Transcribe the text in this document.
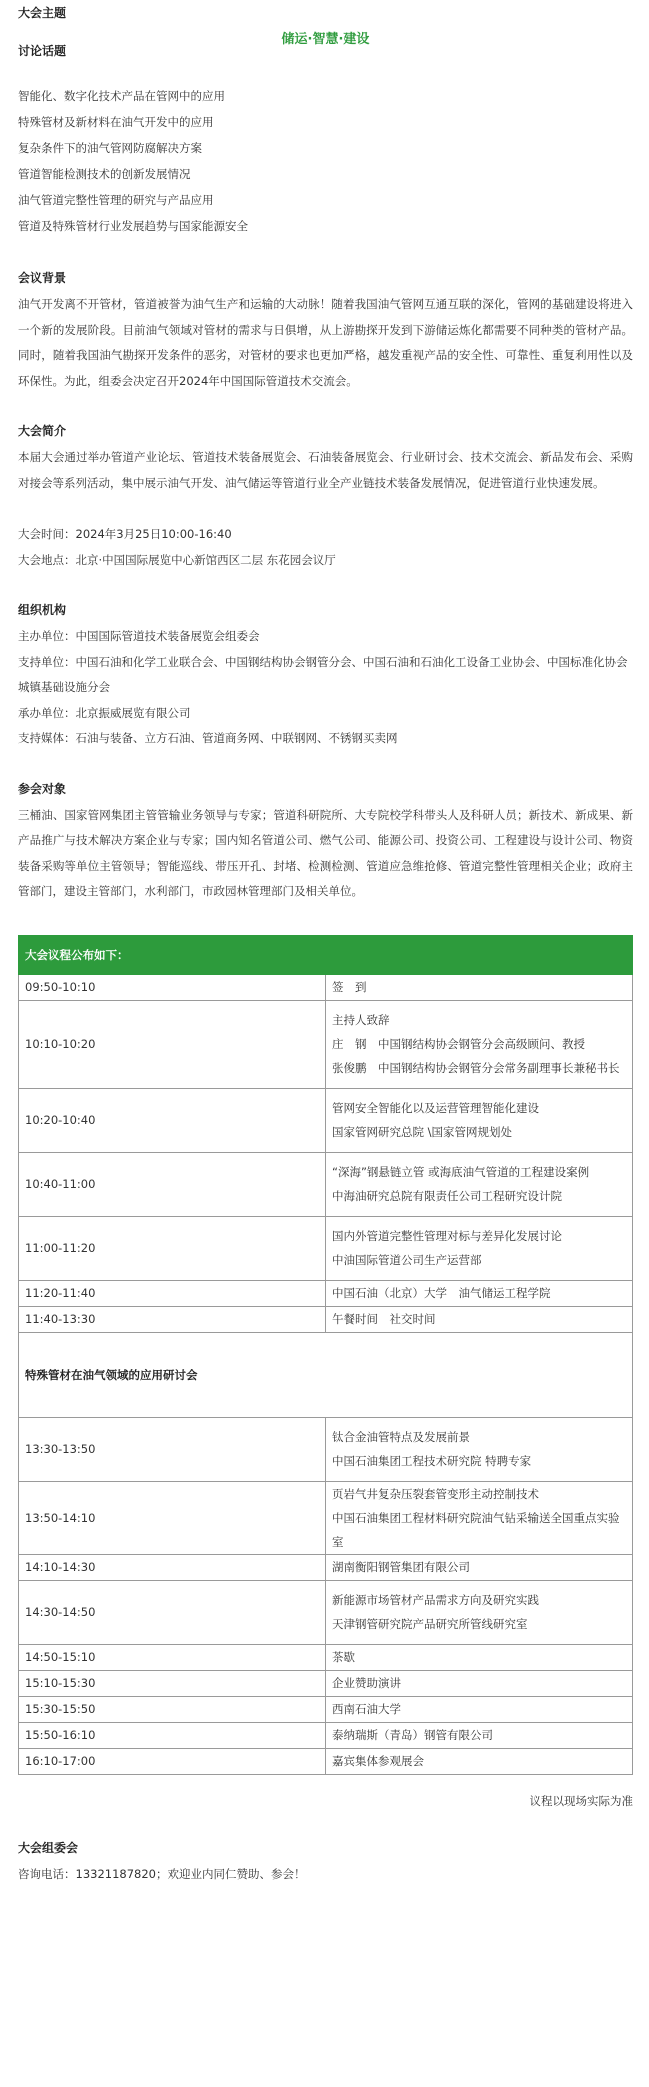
大会主题
储运·智慧·建设

讨论话题

智能化、数字化技术产品在管网中的应用
特殊管材及新材料在油气开发中的应用
复杂条件下的油气管网防腐解决方案
管道智能检测技术的创新发展情况
油气管道完整性管理的研究与产品应用
管道及特殊管材行业发展趋势与国家能源安全

会议背景

油气开发离不开管材，管道被誉为油气生产和运输的大动脉！随着我国油气管网互通互联的深化，管网的基础建设将进入一个新的发展阶段。目前油气领域对管材的需求与日俱增，从上游勘探开发到下游储运炼化都需要不同种类的管材产品。同时，随着我国油气勘探开发条件的恶劣，对管材的要求也更加严格，越发重视产品的安全性、可靠性、重复利用性以及环保性。为此，组委会决定召开2024年中国国际管道技术交流会。

大会简介

本届大会通过举办管道产业论坛、管道技术装备展览会、石油装备展览会、行业研讨会、技术交流会、新品发布会、采购对接会等系列活动，集中展示油气开发、油气储运等管道行业全产业链技术装备发展情况，促进管道行业快速发展。

大会时间：2024年3月25日10:00-16:40

大会地点：北京·中国国际展览中心新馆西区二层 东花园会议厅

组织机构

主办单位：中国国际管道技术装备展览会组委会

支持单位：中国石油和化学工业联合会、中国钢结构协会钢管分会、中国石油和石油化工设备工业协会、中国标准化协会城镇基础设施分会

承办单位：北京振威展览有限公司

支持媒体：石油与装备、立方石油、管道商务网、中联钢网、不锈钢买卖网

参会对象

三桶油、国家管网集团主管管输业务领导与专家；管道科研院所、大专院校学科带头人及科研人员；新技术、新成果、新产品推广与技术解决方案企业与专家；国内知名管道公司、燃气公司、能源公司、投资公司、工程建设与设计公司、物资装备采购等单位主管领导；智能巡线、带压开孔、封堵、检测检测、管道应急维抢修、管道完整性管理相关企业；政府主管部门，建设主管部门，水利部门，市政园林管理部门及相关单位。

大会议程公布如下：	
09:50-10:10	签　到

10:10-10:20	主持人致辞
庄　钢　中国钢结构协会钢管分会高级顾问、教授
张俊鹏　中国钢结构协会钢管分会常务副理事长兼秘书长

10:20-10:40	管网安全智能化以及运营管理智能化建设
国家管网研究总院 \国家管网规划处

10:40-11:00	“深海”钢悬链立管 或海底油气管道的工程建设案例
中海油研究总院有限责任公司工程研究设计院

11:00-11:20	国内外管道完整性管理对标与差异化发展讨论
中油国际管道公司生产运营部

11:20-11:40	中国石油（北京）大学　油气储运工程学院

11:40-13:30	午餐时间　社交时间

特殊管材在油气领域的应用研讨会	
13:30-13:50	钛合金油管特点及发展前景
中国石油集团工程技术研究院 特聘专家

13:50-14:10	页岩气井复杂压裂套管变形主动控制技术
中国石油集团工程材料研究院油气钻采输送全国重点实验室

14:10-14:30	湖南衡阳钢管集团有限公司

14:30-14:50	新能源市场管材产品需求方向及研究实践
天津钢管研究院产品研究所管线研究室

14:50-15:10	茶歇

15:10-15:30	企业赞助演讲

15:30-15:50	西南石油大学

15:50-16:10	泰纳瑞斯（青岛）钢管有限公司

16:10-17:00	嘉宾集体参观展会
议程以现场实际为准

大会组委会

咨询电话：13321187820；欢迎业内同仁赞助、参会！
